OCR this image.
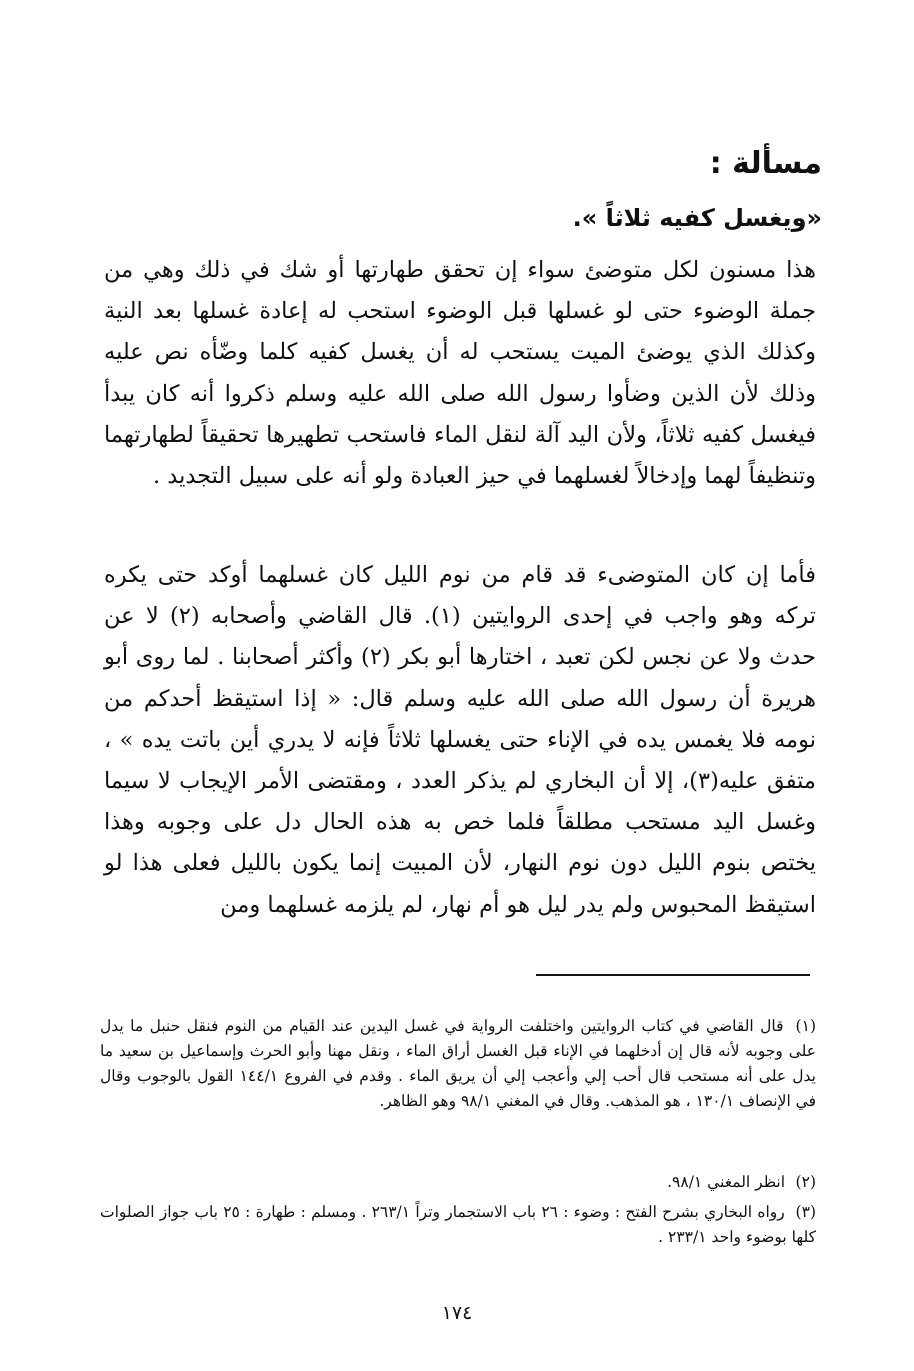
مسألة :
«ويغسل كفيه ثلاثاً ».
هذا مسنون لكل متوضئ سواء إن تحقق طهارتها أو شك في ذلك وهي من جملة الوضوء حتى لو غسلها قبل الوضوء استحب له إعادة غسلها بعد النية وكذلك الذي يوضئ الميت يستحب له أن يغسل كفيه كلما وضّأه نص عليه وذلك لأن الذين وضأوا رسول الله صلى الله عليه وسلم ذكروا أنه كان يبدأ فيغسل كفيه ثلاثاً، ولأن اليد آلة لنقل الماء فاستحب تطهيرها تحقيقاً لطهارتهما وتنظيفاً لهما وإدخالاً لغسلهما في حيز العبادة ولو أنه على سبيل التجديد .
فأما إن كان المتوضىء قد قام من نوم الليل كان غسلهما أوكد حتى يكره تركه وهو واجب في إحدى الروايتين (١). قال القاضي وأصحابه (٢) لا عن حدث ولا عن نجس لكن تعبد ، اختارها أبو بكر (٢) وأكثر أصحابنا . لما روى أبو هريرة أن رسول الله صلى الله عليه وسلم قال: « إذا استيقظ أحدكم من نومه فلا يغمس يده في الإناء حتى يغسلها ثلاثاً فإنه لا يدري أين باتت يده » ، متفق عليه(٣)، إلا أن البخاري لم يذكر العدد ، ومقتضى الأمر الإيجاب لا سيما وغسل اليد مستحب مطلقاً فلما خص به هذه الحال دل على وجوبه وهذا يختص بنوم الليل دون نوم النهار، لأن المبيت إنما يكون بالليل فعلى هذا لو استيقظ المحبوس ولم يدر ليل هو أم نهار، لم يلزمه غسلهما ومن
(١) قال القاضي في كتاب الروايتين واختلفت الرواية في غسل اليدين عند القيام من النوم فنقل حنبل ما يدل على وجوبه لأنه قال إن أدخلهما في الإناء قبل الغسل أراق الماء ، ونقل مهنا وأبو الحرث وإسماعيل بن سعيد ما يدل على أنه مستحب قال أحب إلي وأعجب إلي أن يريق الماء . وقدم في الفروع ١٤٤/١ القول بالوجوب وقال في الإنصاف ١٣٠/١ ، هو المذهب. وقال في المغني ٩٨/١ وهو الظاهر.
(٢) انظر المغني ٩٨/١.
(٣) رواه البخاري بشرح الفتح : وضوء : ٢٦ باب الاستجمار وتراً ٢٦٣/١ . ومسلم : طهارة : ٢٥ باب جواز الصلوات كلها بوضوء واحد ٢٣٣/١ .
١٧٤
